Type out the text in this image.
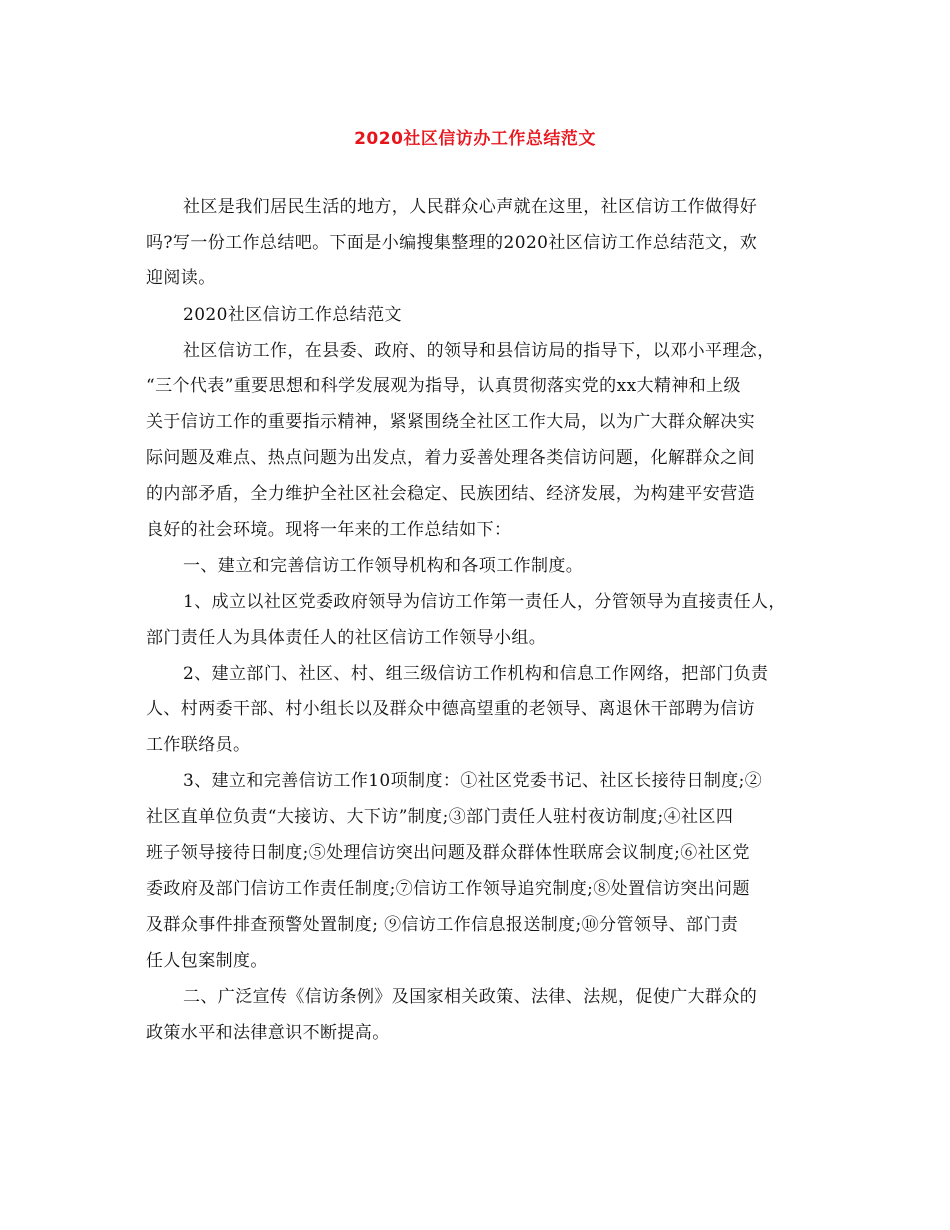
2020社区信访办工作总结范文
社区是我们居民生活的地方，人民群众心声就在这里，社区信访工作做得好
吗?写一份工作总结吧。下面是小编搜集整理的2020社区信访工作总结范文，欢
迎阅读。
2020社区信访工作总结范文
社区信访工作，在县委、政府、的领导和县信访局的指导下，以邓小平理念，
“三个代表”重要思想和科学发展观为指导，认真贯彻落实党的xx大精神和上级
关于信访工作的重要指示精神，紧紧围绕全社区工作大局，以为广大群众解决实
际问题及难点、热点问题为出发点，着力妥善处理各类信访问题，化解群众之间
的内部矛盾，全力维护全社区社会稳定、民族团结、经济发展，为构建平安营造
良好的社会环境。现将一年来的工作总结如下：
一、建立和完善信访工作领导机构和各项工作制度。
1、成立以社区党委政府领导为信访工作第一责任人，分管领导为直接责任人，
部门责任人为具体责任人的社区信访工作领导小组。
2、建立部门、社区、村、组三级信访工作机构和信息工作网络，把部门负责
人、村两委干部、村小组长以及群众中德高望重的老领导、离退休干部聘为信访
工作联络员。
3、建立和完善信访工作10项制度：①社区党委书记、社区长接待日制度;②
社区直单位负责“大接访、大下访”制度;③部门责任人驻村夜访制度;④社区四
班子领导接待日制度;⑤处理信访突出问题及群众群体性联席会议制度;⑥社区党
委政府及部门信访工作责任制度;⑦信访工作领导追究制度;⑧处置信访突出问题
及群众事件排查预警处置制度; ⑨信访工作信息报送制度;⑩分管领导、部门责
任人包案制度。
二、广泛宣传《信访条例》及国家相关政策、法律、法规，促使广大群众的
政策水平和法律意识不断提高。
